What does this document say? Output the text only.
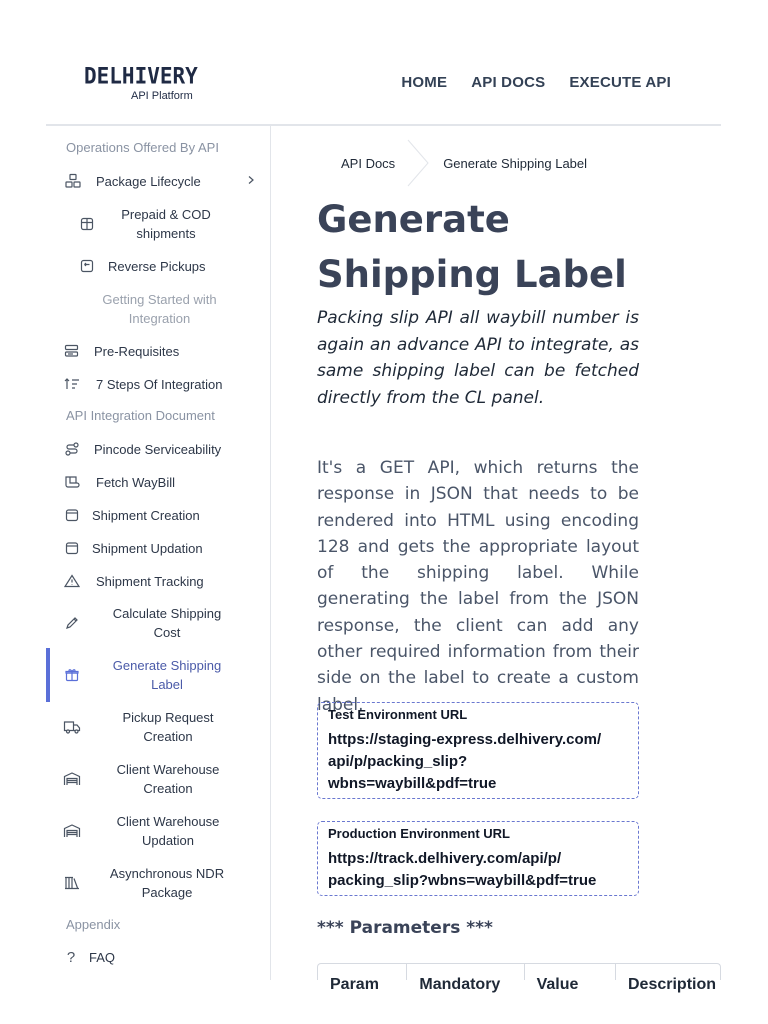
DELHIVERY
API Platform
HOME API DOCS EXECUTE API
Operations Offered By API
Package Lifecycle
Prepaid & COD shipments
Reverse Pickups
Getting Started with Integration
Pre-Requisites
7 Steps Of Integration
API Integration Document
Pincode Serviceability
Fetch WayBill
Shipment Creation
Shipment Updation
Shipment Tracking
Calculate Shipping Cost
Generate Shipping Label
Pickup Request Creation
Client Warehouse Creation
Client Warehouse Updation
Asynchronous NDR Package
Appendix
? FAQ
API Docs	Generate Shipping Label
Generate Shipping Label

Packing slip API all waybill number is again an advance API to integrate, as same shipping label can be fetched directly from the CL panel.

It's a GET API, which returns the response in JSON that needs to be rendered into HTML using encoding 128 and gets the appropriate layout of the shipping label. While generating the label from the JSON response, the client can add any other required information from their side on the label to create a custom label.

Test Environment URL
https://staging-express.delhivery.com/
api/p/packing_slip?
wbns=waybill&pdf=true
Production Environment URL
https://track.delhivery.com/api/p/
packing_slip?wbns=waybill&pdf=true
*** Parameters ***
Param	Mandatory	Value	Description
